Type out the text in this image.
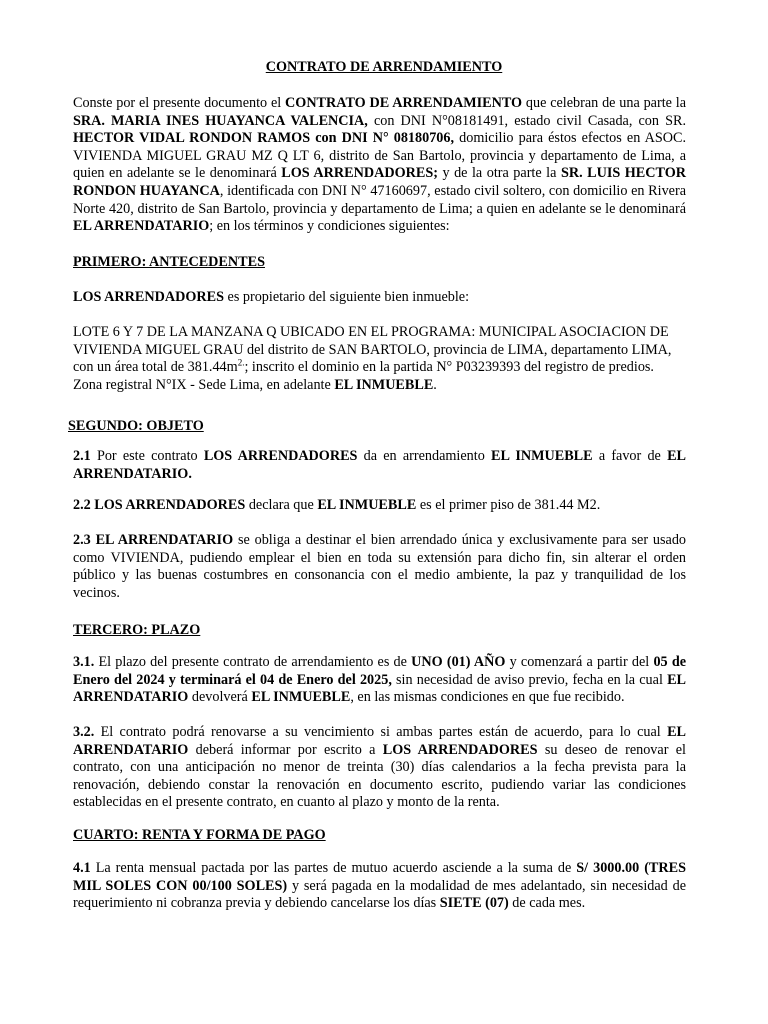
CONTRATO DE ARRENDAMIENTO

Conste por el presente documento el CONTRATO DE ARRENDAMIENTO que celebran de una parte la SRA. MARIA INES HUAYANCA VALENCIA, con DNI N°08181491, estado civil Casada, con SR. HECTOR VIDAL RONDON RAMOS con DNI N° 08180706, domicilio para éstos efectos en ASOC. VIVIENDA MIGUEL GRAU MZ Q LT 6, distrito de San Bartolo, provincia y departamento de Lima, a quien en adelante se le denominará LOS ARRENDADORES; y de la otra parte la SR. LUIS HECTOR RONDON HUAYANCA, identificada con DNI N° 47160697, estado civil soltero, con domicilio en Rivera Norte 420, distrito de San Bartolo, provincia y departamento de Lima; a quien en adelante se le denominará EL ARRENDATARIO; en los términos y condiciones siguientes:

PRIMERO: ANTECEDENTES

LOS ARRENDADORES es propietario del siguiente bien inmueble:

LOTE 6 Y 7 DE LA MANZANA Q UBICADO EN EL PROGRAMA: MUNICIPAL ASOCIACION DE VIVIENDA MIGUEL GRAU del distrito de SAN BARTOLO, provincia de LIMA, departamento LIMA, con un área total de $381.44m^{2.}$; inscrito el dominio en la partida N° P03239393 del registro de predios. Zona registral N°IX - Sede Lima, en adelante EL INMUEBLE.

SEGUNDO: OBJETO

2.1 Por este contrato LOS ARRENDADORES da en arrendamiento EL INMUEBLE a favor de EL ARRENDATARIO.

2.2 LOS ARRENDADORES declara que EL INMUEBLE es el primer piso de 381.44 M2.

2.3 EL ARRENDATARIO se obliga a destinar el bien arrendado única y exclusivamente para ser usado como VIVIENDA, pudiendo emplear el bien en toda su extensión para dicho fin, sin alterar el orden público y las buenas costumbres en consonancia con el medio ambiente, la paz y tranquilidad de los vecinos.

TERCERO: PLAZO

3.1. El plazo del presente contrato de arrendamiento es de UNO (01) AÑO y comenzará a partir del 05 de Enero del 2024 y terminará el 04 de Enero del 2025, sin necesidad de aviso previo, fecha en la cual EL ARRENDATARIO devolverá EL INMUEBLE, en las mismas condiciones en que fue recibido.

3.2. El contrato podrá renovarse a su vencimiento si ambas partes están de acuerdo, para lo cual EL ARRENDATARIO deberá informar por escrito a LOS ARRENDADORES su deseo de renovar el contrato, con una anticipación no menor de treinta (30) días calendarios a la fecha prevista para la renovación, debiendo constar la renovación en documento escrito, pudiendo variar las condiciones establecidas en el presente contrato, en cuanto al plazo y monto de la renta.

CUARTO: RENTA Y FORMA DE PAGO

4.1 La renta mensual pactada por las partes de mutuo acuerdo asciende a la suma de S/ 3000.00 (TRES MIL SOLES CON 00/100 SOLES) y será pagada en la modalidad de mes adelantado, sin necesidad de requerimiento ni cobranza previa y debiendo cancelarse los días SIETE (07) de cada mes.
